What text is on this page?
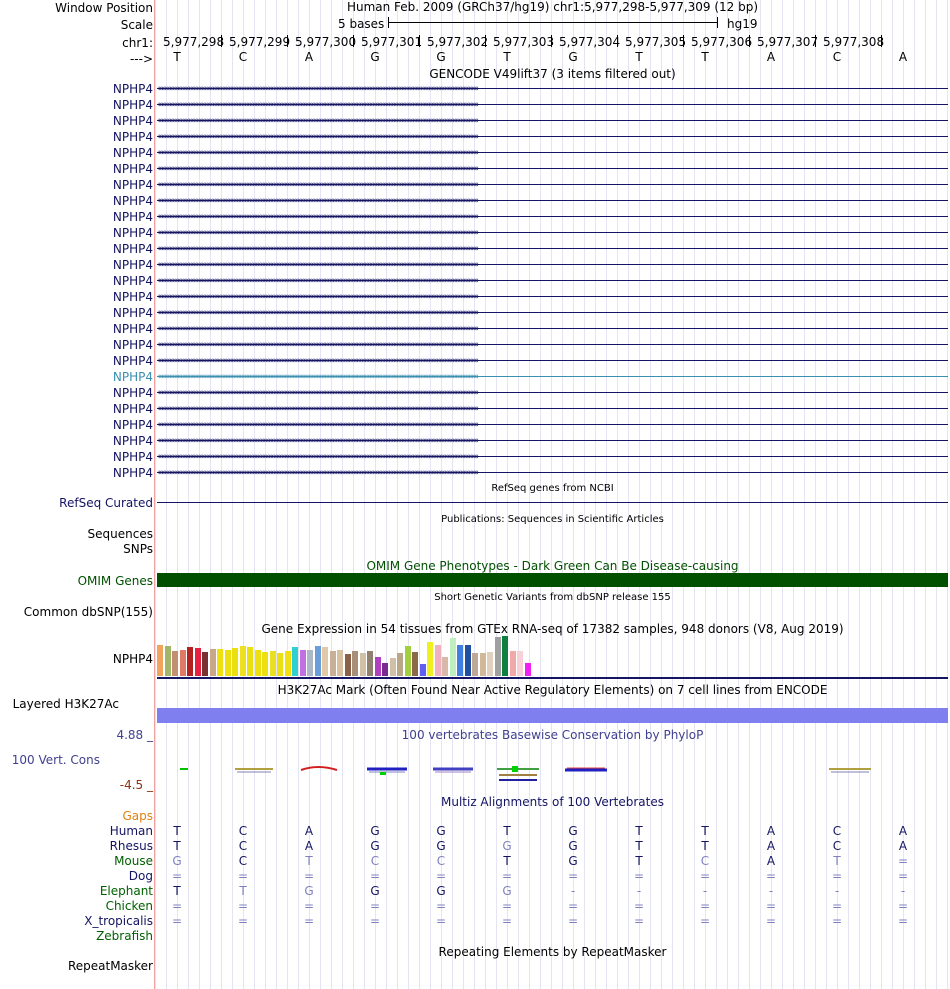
Window Position
Scale
chr1:
--->
Human Feb. 2009 (GRCh37/hg19) chr1:5,977,298-5,977,309 (12 bp)
5 bases	hg19
5,977,298 5,977,299 5,977,300 5,977,301 5,977,302 5,977,303 5,977,304 5,977,305 5,977,306 5,977,307 5,977,308
T	C	A	G	G	T	G	T	T	A	C	A
GENCODE V49lift37 (3 items filtered out)
NPHP4 ‹‹‹‹‹‹‹‹‹‹‹‹‹‹‹‹‹‹‹‹‹‹‹‹‹‹‹‹‹‹‹‹‹‹‹‹‹‹‹‹‹‹‹‹‹‹‹‹‹‹‹‹‹‹‹‹‹‹‹‹‹‹‹‹‹‹‹‹‹‹‹‹‹‹‹‹‹‹‹‹‹‹‹‹‹‹‹‹‹‹‹‹‹‹‹‹‹‹‹‹‹‹‹‹‹‹‹‹‹‹‹‹‹‹‹‹‹‹‹‹‹‹‹‹‹‹‹‹‹‹‹‹‹‹‹‹‹‹‹‹‹‹‹‹‹‹‹‹‹‹‹‹‹‹‹‹‹‹‹‹‹‹‹‹‹‹‹‹‹‹‹‹‹‹‹‹‹‹‹‹‹‹‹‹‹‹‹‹‹‹‹‹‹‹‹‹‹‹‹‹
NPHP4 ‹‹‹‹‹‹‹‹‹‹‹‹‹‹‹‹‹‹‹‹‹‹‹‹‹‹‹‹‹‹‹‹‹‹‹‹‹‹‹‹‹‹‹‹‹‹‹‹‹‹‹‹‹‹‹‹‹‹‹‹‹‹‹‹‹‹‹‹‹‹‹‹‹‹‹‹‹‹‹‹‹‹‹‹‹‹‹‹‹‹‹‹‹‹‹‹‹‹‹‹‹‹‹‹‹‹‹‹‹‹‹‹‹‹‹‹‹‹‹‹‹‹‹‹‹‹‹‹‹‹‹‹‹‹‹‹‹‹‹‹‹‹‹‹‹‹‹‹‹‹‹‹‹‹‹‹‹‹‹‹‹‹‹‹‹‹‹‹‹‹‹‹‹‹‹‹‹‹‹‹‹‹‹‹‹‹‹‹‹‹‹‹‹‹‹‹‹‹‹‹
NPHP4 ‹‹‹‹‹‹‹‹‹‹‹‹‹‹‹‹‹‹‹‹‹‹‹‹‹‹‹‹‹‹‹‹‹‹‹‹‹‹‹‹‹‹‹‹‹‹‹‹‹‹‹‹‹‹‹‹‹‹‹‹‹‹‹‹‹‹‹‹‹‹‹‹‹‹‹‹‹‹‹‹‹‹‹‹‹‹‹‹‹‹‹‹‹‹‹‹‹‹‹‹‹‹‹‹‹‹‹‹‹‹‹‹‹‹‹‹‹‹‹‹‹‹‹‹‹‹‹‹‹‹‹‹‹‹‹‹‹‹‹‹‹‹‹‹‹‹‹‹‹‹‹‹‹‹‹‹‹‹‹‹‹‹‹‹‹‹‹‹‹‹‹‹‹‹‹‹‹‹‹‹‹‹‹‹‹‹‹‹‹‹‹‹‹‹‹‹‹‹‹‹
NPHP4 ‹‹‹‹‹‹‹‹‹‹‹‹‹‹‹‹‹‹‹‹‹‹‹‹‹‹‹‹‹‹‹‹‹‹‹‹‹‹‹‹‹‹‹‹‹‹‹‹‹‹‹‹‹‹‹‹‹‹‹‹‹‹‹‹‹‹‹‹‹‹‹‹‹‹‹‹‹‹‹‹‹‹‹‹‹‹‹‹‹‹‹‹‹‹‹‹‹‹‹‹‹‹‹‹‹‹‹‹‹‹‹‹‹‹‹‹‹‹‹‹‹‹‹‹‹‹‹‹‹‹‹‹‹‹‹‹‹‹‹‹‹‹‹‹‹‹‹‹‹‹‹‹‹‹‹‹‹‹‹‹‹‹‹‹‹‹‹‹‹‹‹‹‹‹‹‹‹‹‹‹‹‹‹‹‹‹‹‹‹‹‹‹‹‹‹‹‹‹‹‹
NPHP4 ‹‹‹‹‹‹‹‹‹‹‹‹‹‹‹‹‹‹‹‹‹‹‹‹‹‹‹‹‹‹‹‹‹‹‹‹‹‹‹‹‹‹‹‹‹‹‹‹‹‹‹‹‹‹‹‹‹‹‹‹‹‹‹‹‹‹‹‹‹‹‹‹‹‹‹‹‹‹‹‹‹‹‹‹‹‹‹‹‹‹‹‹‹‹‹‹‹‹‹‹‹‹‹‹‹‹‹‹‹‹‹‹‹‹‹‹‹‹‹‹‹‹‹‹‹‹‹‹‹‹‹‹‹‹‹‹‹‹‹‹‹‹‹‹‹‹‹‹‹‹‹‹‹‹‹‹‹‹‹‹‹‹‹‹‹‹‹‹‹‹‹‹‹‹‹‹‹‹‹‹‹‹‹‹‹‹‹‹‹‹‹‹‹‹‹‹‹‹‹‹
NPHP4 ‹‹‹‹‹‹‹‹‹‹‹‹‹‹‹‹‹‹‹‹‹‹‹‹‹‹‹‹‹‹‹‹‹‹‹‹‹‹‹‹‹‹‹‹‹‹‹‹‹‹‹‹‹‹‹‹‹‹‹‹‹‹‹‹‹‹‹‹‹‹‹‹‹‹‹‹‹‹‹‹‹‹‹‹‹‹‹‹‹‹‹‹‹‹‹‹‹‹‹‹‹‹‹‹‹‹‹‹‹‹‹‹‹‹‹‹‹‹‹‹‹‹‹‹‹‹‹‹‹‹‹‹‹‹‹‹‹‹‹‹‹‹‹‹‹‹‹‹‹‹‹‹‹‹‹‹‹‹‹‹‹‹‹‹‹‹‹‹‹‹‹‹‹‹‹‹‹‹‹‹‹‹‹‹‹‹‹‹‹‹‹‹‹‹‹‹‹‹‹‹
NPHP4 ‹‹‹‹‹‹‹‹‹‹‹‹‹‹‹‹‹‹‹‹‹‹‹‹‹‹‹‹‹‹‹‹‹‹‹‹‹‹‹‹‹‹‹‹‹‹‹‹‹‹‹‹‹‹‹‹‹‹‹‹‹‹‹‹‹‹‹‹‹‹‹‹‹‹‹‹‹‹‹‹‹‹‹‹‹‹‹‹‹‹‹‹‹‹‹‹‹‹‹‹‹‹‹‹‹‹‹‹‹‹‹‹‹‹‹‹‹‹‹‹‹‹‹‹‹‹‹‹‹‹‹‹‹‹‹‹‹‹‹‹‹‹‹‹‹‹‹‹‹‹‹‹‹‹‹‹‹‹‹‹‹‹‹‹‹‹‹‹‹‹‹‹‹‹‹‹‹‹‹‹‹‹‹‹‹‹‹‹‹‹‹‹‹‹‹‹‹‹‹‹
NPHP4 ‹‹‹‹‹‹‹‹‹‹‹‹‹‹‹‹‹‹‹‹‹‹‹‹‹‹‹‹‹‹‹‹‹‹‹‹‹‹‹‹‹‹‹‹‹‹‹‹‹‹‹‹‹‹‹‹‹‹‹‹‹‹‹‹‹‹‹‹‹‹‹‹‹‹‹‹‹‹‹‹‹‹‹‹‹‹‹‹‹‹‹‹‹‹‹‹‹‹‹‹‹‹‹‹‹‹‹‹‹‹‹‹‹‹‹‹‹‹‹‹‹‹‹‹‹‹‹‹‹‹‹‹‹‹‹‹‹‹‹‹‹‹‹‹‹‹‹‹‹‹‹‹‹‹‹‹‹‹‹‹‹‹‹‹‹‹‹‹‹‹‹‹‹‹‹‹‹‹‹‹‹‹‹‹‹‹‹‹‹‹‹‹‹‹‹‹‹‹‹‹
NPHP4 ‹‹‹‹‹‹‹‹‹‹‹‹‹‹‹‹‹‹‹‹‹‹‹‹‹‹‹‹‹‹‹‹‹‹‹‹‹‹‹‹‹‹‹‹‹‹‹‹‹‹‹‹‹‹‹‹‹‹‹‹‹‹‹‹‹‹‹‹‹‹‹‹‹‹‹‹‹‹‹‹‹‹‹‹‹‹‹‹‹‹‹‹‹‹‹‹‹‹‹‹‹‹‹‹‹‹‹‹‹‹‹‹‹‹‹‹‹‹‹‹‹‹‹‹‹‹‹‹‹‹‹‹‹‹‹‹‹‹‹‹‹‹‹‹‹‹‹‹‹‹‹‹‹‹‹‹‹‹‹‹‹‹‹‹‹‹‹‹‹‹‹‹‹‹‹‹‹‹‹‹‹‹‹‹‹‹‹‹‹‹‹‹‹‹‹‹‹‹‹‹
NPHP4 ‹‹‹‹‹‹‹‹‹‹‹‹‹‹‹‹‹‹‹‹‹‹‹‹‹‹‹‹‹‹‹‹‹‹‹‹‹‹‹‹‹‹‹‹‹‹‹‹‹‹‹‹‹‹‹‹‹‹‹‹‹‹‹‹‹‹‹‹‹‹‹‹‹‹‹‹‹‹‹‹‹‹‹‹‹‹‹‹‹‹‹‹‹‹‹‹‹‹‹‹‹‹‹‹‹‹‹‹‹‹‹‹‹‹‹‹‹‹‹‹‹‹‹‹‹‹‹‹‹‹‹‹‹‹‹‹‹‹‹‹‹‹‹‹‹‹‹‹‹‹‹‹‹‹‹‹‹‹‹‹‹‹‹‹‹‹‹‹‹‹‹‹‹‹‹‹‹‹‹‹‹‹‹‹‹‹‹‹‹‹‹‹‹‹‹‹‹‹‹‹
NPHP4 ‹‹‹‹‹‹‹‹‹‹‹‹‹‹‹‹‹‹‹‹‹‹‹‹‹‹‹‹‹‹‹‹‹‹‹‹‹‹‹‹‹‹‹‹‹‹‹‹‹‹‹‹‹‹‹‹‹‹‹‹‹‹‹‹‹‹‹‹‹‹‹‹‹‹‹‹‹‹‹‹‹‹‹‹‹‹‹‹‹‹‹‹‹‹‹‹‹‹‹‹‹‹‹‹‹‹‹‹‹‹‹‹‹‹‹‹‹‹‹‹‹‹‹‹‹‹‹‹‹‹‹‹‹‹‹‹‹‹‹‹‹‹‹‹‹‹‹‹‹‹‹‹‹‹‹‹‹‹‹‹‹‹‹‹‹‹‹‹‹‹‹‹‹‹‹‹‹‹‹‹‹‹‹‹‹‹‹‹‹‹‹‹‹‹‹‹‹‹‹‹
NPHP4 ‹‹‹‹‹‹‹‹‹‹‹‹‹‹‹‹‹‹‹‹‹‹‹‹‹‹‹‹‹‹‹‹‹‹‹‹‹‹‹‹‹‹‹‹‹‹‹‹‹‹‹‹‹‹‹‹‹‹‹‹‹‹‹‹‹‹‹‹‹‹‹‹‹‹‹‹‹‹‹‹‹‹‹‹‹‹‹‹‹‹‹‹‹‹‹‹‹‹‹‹‹‹‹‹‹‹‹‹‹‹‹‹‹‹‹‹‹‹‹‹‹‹‹‹‹‹‹‹‹‹‹‹‹‹‹‹‹‹‹‹‹‹‹‹‹‹‹‹‹‹‹‹‹‹‹‹‹‹‹‹‹‹‹‹‹‹‹‹‹‹‹‹‹‹‹‹‹‹‹‹‹‹‹‹‹‹‹‹‹‹‹‹‹‹‹‹‹‹‹‹
NPHP4 ‹‹‹‹‹‹‹‹‹‹‹‹‹‹‹‹‹‹‹‹‹‹‹‹‹‹‹‹‹‹‹‹‹‹‹‹‹‹‹‹‹‹‹‹‹‹‹‹‹‹‹‹‹‹‹‹‹‹‹‹‹‹‹‹‹‹‹‹‹‹‹‹‹‹‹‹‹‹‹‹‹‹‹‹‹‹‹‹‹‹‹‹‹‹‹‹‹‹‹‹‹‹‹‹‹‹‹‹‹‹‹‹‹‹‹‹‹‹‹‹‹‹‹‹‹‹‹‹‹‹‹‹‹‹‹‹‹‹‹‹‹‹‹‹‹‹‹‹‹‹‹‹‹‹‹‹‹‹‹‹‹‹‹‹‹‹‹‹‹‹‹‹‹‹‹‹‹‹‹‹‹‹‹‹‹‹‹‹‹‹‹‹‹‹‹‹‹‹‹‹
NPHP4 ‹‹‹‹‹‹‹‹‹‹‹‹‹‹‹‹‹‹‹‹‹‹‹‹‹‹‹‹‹‹‹‹‹‹‹‹‹‹‹‹‹‹‹‹‹‹‹‹‹‹‹‹‹‹‹‹‹‹‹‹‹‹‹‹‹‹‹‹‹‹‹‹‹‹‹‹‹‹‹‹‹‹‹‹‹‹‹‹‹‹‹‹‹‹‹‹‹‹‹‹‹‹‹‹‹‹‹‹‹‹‹‹‹‹‹‹‹‹‹‹‹‹‹‹‹‹‹‹‹‹‹‹‹‹‹‹‹‹‹‹‹‹‹‹‹‹‹‹‹‹‹‹‹‹‹‹‹‹‹‹‹‹‹‹‹‹‹‹‹‹‹‹‹‹‹‹‹‹‹‹‹‹‹‹‹‹‹‹‹‹‹‹‹‹‹‹‹‹‹‹
NPHP4 ‹‹‹‹‹‹‹‹‹‹‹‹‹‹‹‹‹‹‹‹‹‹‹‹‹‹‹‹‹‹‹‹‹‹‹‹‹‹‹‹‹‹‹‹‹‹‹‹‹‹‹‹‹‹‹‹‹‹‹‹‹‹‹‹‹‹‹‹‹‹‹‹‹‹‹‹‹‹‹‹‹‹‹‹‹‹‹‹‹‹‹‹‹‹‹‹‹‹‹‹‹‹‹‹‹‹‹‹‹‹‹‹‹‹‹‹‹‹‹‹‹‹‹‹‹‹‹‹‹‹‹‹‹‹‹‹‹‹‹‹‹‹‹‹‹‹‹‹‹‹‹‹‹‹‹‹‹‹‹‹‹‹‹‹‹‹‹‹‹‹‹‹‹‹‹‹‹‹‹‹‹‹‹‹‹‹‹‹‹‹‹‹‹‹‹‹‹‹‹‹
NPHP4 ‹‹‹‹‹‹‹‹‹‹‹‹‹‹‹‹‹‹‹‹‹‹‹‹‹‹‹‹‹‹‹‹‹‹‹‹‹‹‹‹‹‹‹‹‹‹‹‹‹‹‹‹‹‹‹‹‹‹‹‹‹‹‹‹‹‹‹‹‹‹‹‹‹‹‹‹‹‹‹‹‹‹‹‹‹‹‹‹‹‹‹‹‹‹‹‹‹‹‹‹‹‹‹‹‹‹‹‹‹‹‹‹‹‹‹‹‹‹‹‹‹‹‹‹‹‹‹‹‹‹‹‹‹‹‹‹‹‹‹‹‹‹‹‹‹‹‹‹‹‹‹‹‹‹‹‹‹‹‹‹‹‹‹‹‹‹‹‹‹‹‹‹‹‹‹‹‹‹‹‹‹‹‹‹‹‹‹‹‹‹‹‹‹‹‹‹‹‹‹‹
NPHP4 ‹‹‹‹‹‹‹‹‹‹‹‹‹‹‹‹‹‹‹‹‹‹‹‹‹‹‹‹‹‹‹‹‹‹‹‹‹‹‹‹‹‹‹‹‹‹‹‹‹‹‹‹‹‹‹‹‹‹‹‹‹‹‹‹‹‹‹‹‹‹‹‹‹‹‹‹‹‹‹‹‹‹‹‹‹‹‹‹‹‹‹‹‹‹‹‹‹‹‹‹‹‹‹‹‹‹‹‹‹‹‹‹‹‹‹‹‹‹‹‹‹‹‹‹‹‹‹‹‹‹‹‹‹‹‹‹‹‹‹‹‹‹‹‹‹‹‹‹‹‹‹‹‹‹‹‹‹‹‹‹‹‹‹‹‹‹‹‹‹‹‹‹‹‹‹‹‹‹‹‹‹‹‹‹‹‹‹‹‹‹‹‹‹‹‹‹‹‹‹‹
NPHP4 ‹‹‹‹‹‹‹‹‹‹‹‹‹‹‹‹‹‹‹‹‹‹‹‹‹‹‹‹‹‹‹‹‹‹‹‹‹‹‹‹‹‹‹‹‹‹‹‹‹‹‹‹‹‹‹‹‹‹‹‹‹‹‹‹‹‹‹‹‹‹‹‹‹‹‹‹‹‹‹‹‹‹‹‹‹‹‹‹‹‹‹‹‹‹‹‹‹‹‹‹‹‹‹‹‹‹‹‹‹‹‹‹‹‹‹‹‹‹‹‹‹‹‹‹‹‹‹‹‹‹‹‹‹‹‹‹‹‹‹‹‹‹‹‹‹‹‹‹‹‹‹‹‹‹‹‹‹‹‹‹‹‹‹‹‹‹‹‹‹‹‹‹‹‹‹‹‹‹‹‹‹‹‹‹‹‹‹‹‹‹‹‹‹‹‹‹‹‹‹‹
NPHP4 ‹‹‹‹‹‹‹‹‹‹‹‹‹‹‹‹‹‹‹‹‹‹‹‹‹‹‹‹‹‹‹‹‹‹‹‹‹‹‹‹‹‹‹‹‹‹‹‹‹‹‹‹‹‹‹‹‹‹‹‹‹‹‹‹‹‹‹‹‹‹‹‹‹‹‹‹‹‹‹‹‹‹‹‹‹‹‹‹‹‹‹‹‹‹‹‹‹‹‹‹‹‹‹‹‹‹‹‹‹‹‹‹‹‹‹‹‹‹‹‹‹‹‹‹‹‹‹‹‹‹‹‹‹‹‹‹‹‹‹‹‹‹‹‹‹‹‹‹‹‹‹‹‹‹‹‹‹‹‹‹‹‹‹‹‹‹‹‹‹‹‹‹‹‹‹‹‹‹‹‹‹‹‹‹‹‹‹‹‹‹‹‹‹‹‹‹‹‹‹‹
NPHP4 ‹‹‹‹‹‹‹‹‹‹‹‹‹‹‹‹‹‹‹‹‹‹‹‹‹‹‹‹‹‹‹‹‹‹‹‹‹‹‹‹‹‹‹‹‹‹‹‹‹‹‹‹‹‹‹‹‹‹‹‹‹‹‹‹‹‹‹‹‹‹‹‹‹‹‹‹‹‹‹‹‹‹‹‹‹‹‹‹‹‹‹‹‹‹‹‹‹‹‹‹‹‹‹‹‹‹‹‹‹‹‹‹‹‹‹‹‹‹‹‹‹‹‹‹‹‹‹‹‹‹‹‹‹‹‹‹‹‹‹‹‹‹‹‹‹‹‹‹‹‹‹‹‹‹‹‹‹‹‹‹‹‹‹‹‹‹‹‹‹‹‹‹‹‹‹‹‹‹‹‹‹‹‹‹‹‹‹‹‹‹‹‹‹‹‹‹‹‹‹‹
NPHP4 ‹‹‹‹‹‹‹‹‹‹‹‹‹‹‹‹‹‹‹‹‹‹‹‹‹‹‹‹‹‹‹‹‹‹‹‹‹‹‹‹‹‹‹‹‹‹‹‹‹‹‹‹‹‹‹‹‹‹‹‹‹‹‹‹‹‹‹‹‹‹‹‹‹‹‹‹‹‹‹‹‹‹‹‹‹‹‹‹‹‹‹‹‹‹‹‹‹‹‹‹‹‹‹‹‹‹‹‹‹‹‹‹‹‹‹‹‹‹‹‹‹‹‹‹‹‹‹‹‹‹‹‹‹‹‹‹‹‹‹‹‹‹‹‹‹‹‹‹‹‹‹‹‹‹‹‹‹‹‹‹‹‹‹‹‹‹‹‹‹‹‹‹‹‹‹‹‹‹‹‹‹‹‹‹‹‹‹‹‹‹‹‹‹‹‹‹‹‹‹‹
NPHP4 ‹‹‹‹‹‹‹‹‹‹‹‹‹‹‹‹‹‹‹‹‹‹‹‹‹‹‹‹‹‹‹‹‹‹‹‹‹‹‹‹‹‹‹‹‹‹‹‹‹‹‹‹‹‹‹‹‹‹‹‹‹‹‹‹‹‹‹‹‹‹‹‹‹‹‹‹‹‹‹‹‹‹‹‹‹‹‹‹‹‹‹‹‹‹‹‹‹‹‹‹‹‹‹‹‹‹‹‹‹‹‹‹‹‹‹‹‹‹‹‹‹‹‹‹‹‹‹‹‹‹‹‹‹‹‹‹‹‹‹‹‹‹‹‹‹‹‹‹‹‹‹‹‹‹‹‹‹‹‹‹‹‹‹‹‹‹‹‹‹‹‹‹‹‹‹‹‹‹‹‹‹‹‹‹‹‹‹‹‹‹‹‹‹‹‹‹‹‹‹‹
NPHP4 ‹‹‹‹‹‹‹‹‹‹‹‹‹‹‹‹‹‹‹‹‹‹‹‹‹‹‹‹‹‹‹‹‹‹‹‹‹‹‹‹‹‹‹‹‹‹‹‹‹‹‹‹‹‹‹‹‹‹‹‹‹‹‹‹‹‹‹‹‹‹‹‹‹‹‹‹‹‹‹‹‹‹‹‹‹‹‹‹‹‹‹‹‹‹‹‹‹‹‹‹‹‹‹‹‹‹‹‹‹‹‹‹‹‹‹‹‹‹‹‹‹‹‹‹‹‹‹‹‹‹‹‹‹‹‹‹‹‹‹‹‹‹‹‹‹‹‹‹‹‹‹‹‹‹‹‹‹‹‹‹‹‹‹‹‹‹‹‹‹‹‹‹‹‹‹‹‹‹‹‹‹‹‹‹‹‹‹‹‹‹‹‹‹‹‹‹‹‹‹‹
NPHP4 ‹‹‹‹‹‹‹‹‹‹‹‹‹‹‹‹‹‹‹‹‹‹‹‹‹‹‹‹‹‹‹‹‹‹‹‹‹‹‹‹‹‹‹‹‹‹‹‹‹‹‹‹‹‹‹‹‹‹‹‹‹‹‹‹‹‹‹‹‹‹‹‹‹‹‹‹‹‹‹‹‹‹‹‹‹‹‹‹‹‹‹‹‹‹‹‹‹‹‹‹‹‹‹‹‹‹‹‹‹‹‹‹‹‹‹‹‹‹‹‹‹‹‹‹‹‹‹‹‹‹‹‹‹‹‹‹‹‹‹‹‹‹‹‹‹‹‹‹‹‹‹‹‹‹‹‹‹‹‹‹‹‹‹‹‹‹‹‹‹‹‹‹‹‹‹‹‹‹‹‹‹‹‹‹‹‹‹‹‹‹‹‹‹‹‹‹‹‹‹‹
NPHP4 ‹‹‹‹‹‹‹‹‹‹‹‹‹‹‹‹‹‹‹‹‹‹‹‹‹‹‹‹‹‹‹‹‹‹‹‹‹‹‹‹‹‹‹‹‹‹‹‹‹‹‹‹‹‹‹‹‹‹‹‹‹‹‹‹‹‹‹‹‹‹‹‹‹‹‹‹‹‹‹‹‹‹‹‹‹‹‹‹‹‹‹‹‹‹‹‹‹‹‹‹‹‹‹‹‹‹‹‹‹‹‹‹‹‹‹‹‹‹‹‹‹‹‹‹‹‹‹‹‹‹‹‹‹‹‹‹‹‹‹‹‹‹‹‹‹‹‹‹‹‹‹‹‹‹‹‹‹‹‹‹‹‹‹‹‹‹‹‹‹‹‹‹‹‹‹‹‹‹‹‹‹‹‹‹‹‹‹‹‹‹‹‹‹‹‹‹‹‹‹‹
RefSeq genes from NCBI
RefSeq Curated
Publications: Sequences in Scientific Articles
Sequences
SNPs
OMIM Gene Phenotypes - Dark Green Can Be Disease-causing
OMIM Genes
Short Genetic Variants from dbSNP release 155
Common dbSNP(155)
Gene Expression in 54 tissues from GTEx RNA-seq of 17382 samples, 948 donors (V8, Aug 2019)
NPHP4
H3K27Ac Mark (Often Found Near Active Regulatory Elements) on 7 cell lines from ENCODE
Layered H3K27Ac
100 vertebrates Basewise Conservation by PhyloP
4.88 _
100 Vert. Cons
-4.5 _
Multiz Alignments of 100 Vertebrates
Gaps
Human	T	C	A	G	G	T	G	T	T	A	C	A
Rhesus	T	C	A	G	G	G	G	T	T	A	C	A
Mouse	G	C	T	C	C	T	G	T	C	A	T	=
Dog	=	=	=	=	=	=	=	=	=	=	=	=
Elephant	T	T	G	G	G	G	-	-	-	-	-	-
Chicken	=	=	=	=	=	=	=	=	=	=	=	=
X_tropicalis	=	=	=	=	=	=	=	=	=	=	=	=
Zebrafish
Repeating Elements by RepeatMasker
RepeatMasker
